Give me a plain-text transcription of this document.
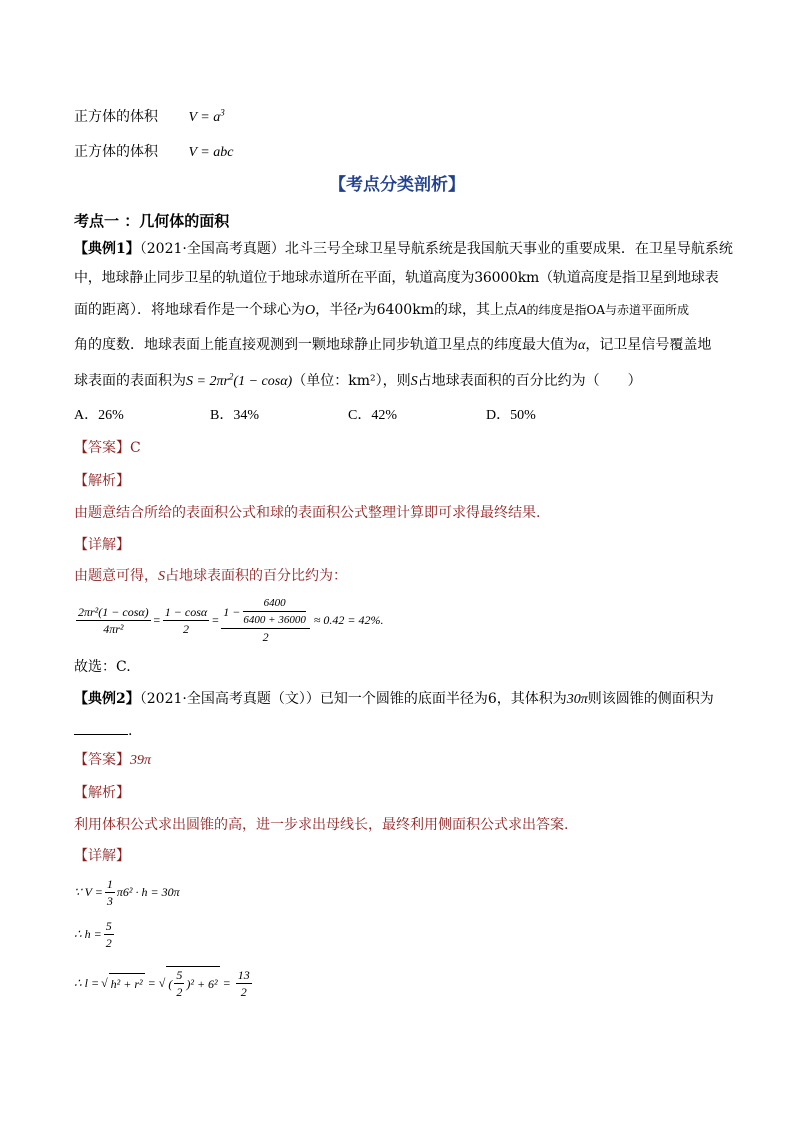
正方体的体积 $V = a^3$
正方体的体积 V = abc
【考点分类剖析】
考点一 ：几何体的面积
【典例1】（2021·全国高考真题）北斗三号全球卫星导航系统是我国航天事业的重要成果．在卫星导航系统
中，地球静止同步卫星的轨道位于地球赤道所在平面，轨道高度为36000km（轨道高度是指卫星到地球表
面的距离）．将地球看作是一个球心为O，半径r为6400km的球，其上点A的纬度是指OA与赤道平面所成
角的度数．地球表面上能直接观测到一颗地球静止同步轨道卫星点的纬度最大值为α，记卫星信号覆盖地
球表面的表面积为$S = 2\pi r^2(1 - \cos\alpha)$（单位：km²），则S占地球表面积的百分比约为（　　）
A．26%	B．34%	C．42%	D．50%
【答案】C
【解析】
由题意结合所给的表面积公式和球的表面积公式整理计算即可求得最终结果.
【详解】
由题意可得，S占地球表面积的百分比约为：
$\frac{\text{2πr²(1 − cosα)}}{\text{4πr²}} = \frac{1 - \cos\alpha}{2} = \frac{1 - \frac{6400}{6400 + 36000}}{2} \approx 0.42 = 42\%$ .
故选：C.
【典例2】（2021·全国高考真题（文））已知一个圆锥的底面半径为6，其体积为30π则该圆锥的侧面积为
.
【答案】39π
【解析】
利用体积公式求出圆锥的高，进一步求出母线长，最终利用侧面积公式求出答案.
【详解】
∵ $V = \frac{1}{3} \pi 6^2 \cdot h = 30\pi$
∴ $h = \frac{5}{2}$
∴ l = √ h² + r² = √ ( $\frac{5}{2} )^2 + 6^2 = \frac{13}{2}$
